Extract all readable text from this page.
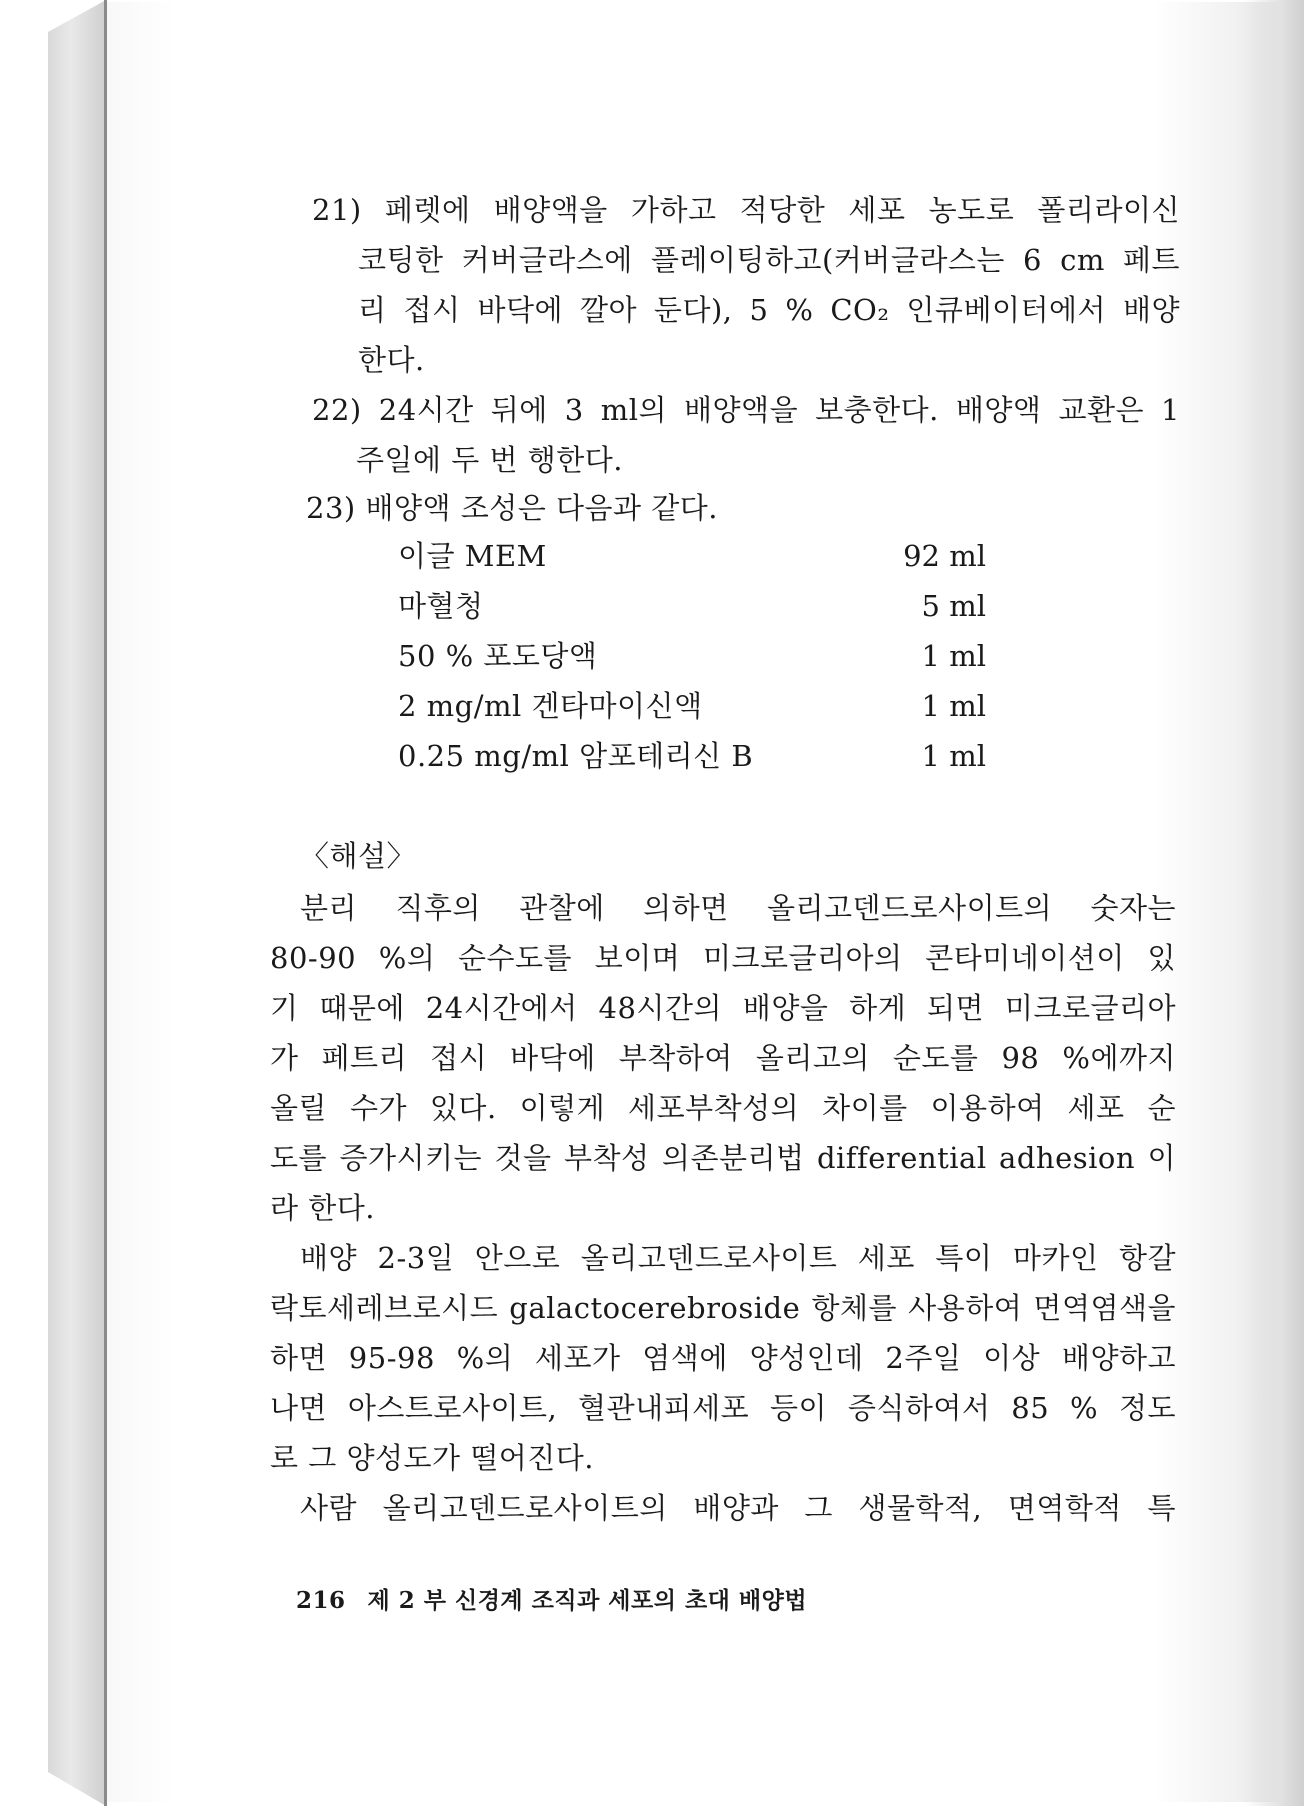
21) 페렛에 배양액을 가하고 적당한 세포 농도로 폴리라이신
코팅한 커버글라스에 플레이팅하고(커버글라스는 6 cm 페트
리 접시 바닥에 깔아 둔다), 5 % CO₂ 인큐베이터에서 배양
한다.
22) 24시간 뒤에 3 ml의 배양액을 보충한다. 배양액 교환은 1
주일에 두 번 행한다.
23) 배양액 조성은 다음과 같다.
이글 MEM	92 ml
마혈청	5 ml
50 % 포도당액	1 ml
2 mg/ml 겐타마이신액	1 ml
0.25 mg/ml 암포테리신 B	1 ml
〈해설〉
분리 직후의 관찰에 의하면 올리고덴드로사이트의 숫자는
80-90 %의 순수도를 보이며 미크로글리아의 콘타미네이션이 있
기 때문에 24시간에서 48시간의 배양을 하게 되면 미크로글리아
가 페트리 접시 바닥에 부착하여 올리고의 순도를 98 %에까지
올릴 수가 있다. 이렇게 세포부착성의 차이를 이용하여 세포 순
도를 증가시키는 것을 부착성 의존분리법 differential adhesion 이
라 한다.
배양 2-3일 안으로 올리고덴드로사이트 세포 특이 마카인 항갈
락토세레브로시드 galactocerebroside 항체를 사용하여 면역염색을
하면 95-98 %의 세포가 염색에 양성인데 2주일 이상 배양하고
나면 아스트로사이트, 혈관내피세포 등이 증식하여서 85 % 정도
로 그 양성도가 떨어진다.
사람 올리고덴드로사이트의 배양과 그 생물학적, 면역학적 특
216 제 2 부 신경계 조직과 세포의 초대 배양법
